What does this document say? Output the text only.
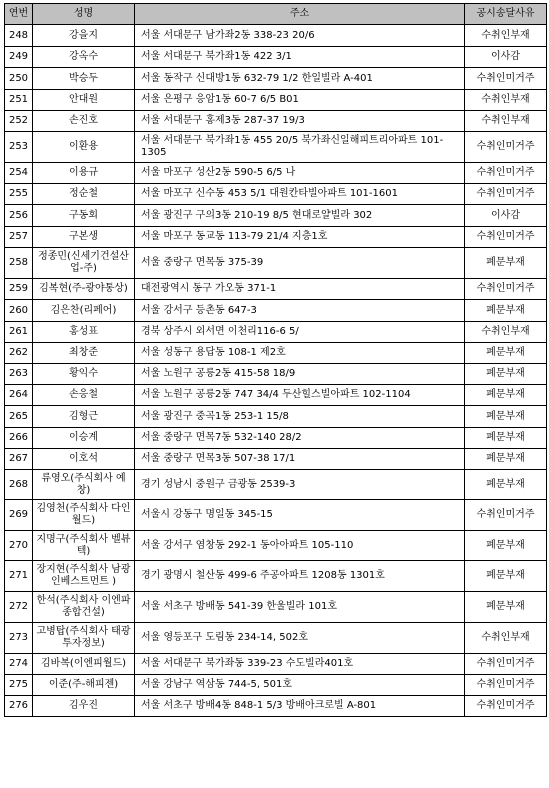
연번	성명	주소	공시송달사유
248	강을지	서울 서대문구 남가좌2동 338-23 20/6	수취인부재
249	강옥수	서울 서대문구 북가좌1동 422 3/1	이사감
250	박승두	서울 동작구 신대방1동 632-79 1/2 한일빌라 A-401	수취인미거주
251	안대원	서울 은평구 응암1동 60-7 6/5 B01	수취인부재
252	손진호	서울 서대문구 홍제3동 287-37 19/3	수취인부재
253	이환용	서울 서대문구 북가좌1동 455 20/5 북가좌신일해피트리아파트 101-1305	수취인미거주
254	이용규	서울 마포구 성산2동 590-5 6/5 나	수취인미거주
255	정순철	서울 마포구 신수동 453 5/1 대원칸타빌아파트 101-1601	수취인미거주
256	구동회	서울 광진구 구의3동 210-19 8/5 현대로얄빌라 302	이사감
257	구본생	서울 마포구 동교동 113-79 21/4 지층1호	수취인미거주
258	정종민(신세기건설산업-주)	서울 중랑구 면목동 375-39	폐문부재
259	김복현(주-광야통상)	대전광역시 동구 가오동 371-1	수취인미거주
260	김은찬(리페어)	서울 강서구 등촌동 647-3	폐문부재
261	홍성표	경북 상주시 외서면 이천리116-6 5/	수취인부재
262	최창준	서울 성동구 용답동 108-1 제2호	폐문부재
263	황익수	서울 노원구 공릉2동 415-58 18/9	폐문부재
264	손응철	서울 노원구 공릉2동 747 34/4 두산힐스빌아파트 102-1104	폐문부재
265	김형근	서울 광진구 중곡1동 253-1 15/8	폐문부재
266	이승계	서울 중랑구 면목7동 532-140 28/2	폐문부재
267	이호석	서울 중랑구 면목3동 507-38 17/1	폐문부재
268	류영오(주식회사 예창)	경기 성남시 중원구 금광동 2539-3	폐문부재
269	김영천(주식회사 다인월드)	서울시 강동구 명일동 345-15	수취인미거주
270	지명구(주식회사 벨뷰텍)	서울 강서구 염창동 292-1 동아아파트 105-110	폐문부재
271	장지현(주식회사 남광인베스트먼트 )	경기 광명시 철산동 499-6 주공아파트 1208동 1301호	폐문부재
272	한석(주식회사 이엔파종합건설)	서울 서초구 방배동 541-39 한울빌라 101호	폐문부재
273	고병탑(주식회사 태광투자정보)	서울 영등포구 도림동 234-14, 502호	수취인부재
274	김바복(이엔피월드)	서울 서대문구 북가좌동 339-23 수도빌라401호	수취인미거주
275	이준(주-해피젠)	서울 강남구 역삼동 744-5, 501호	수취인미거주
276	김우진	서울 서초구 방배4동 848-1 5/3 방배아크로빌 A-801	수취인미거주
